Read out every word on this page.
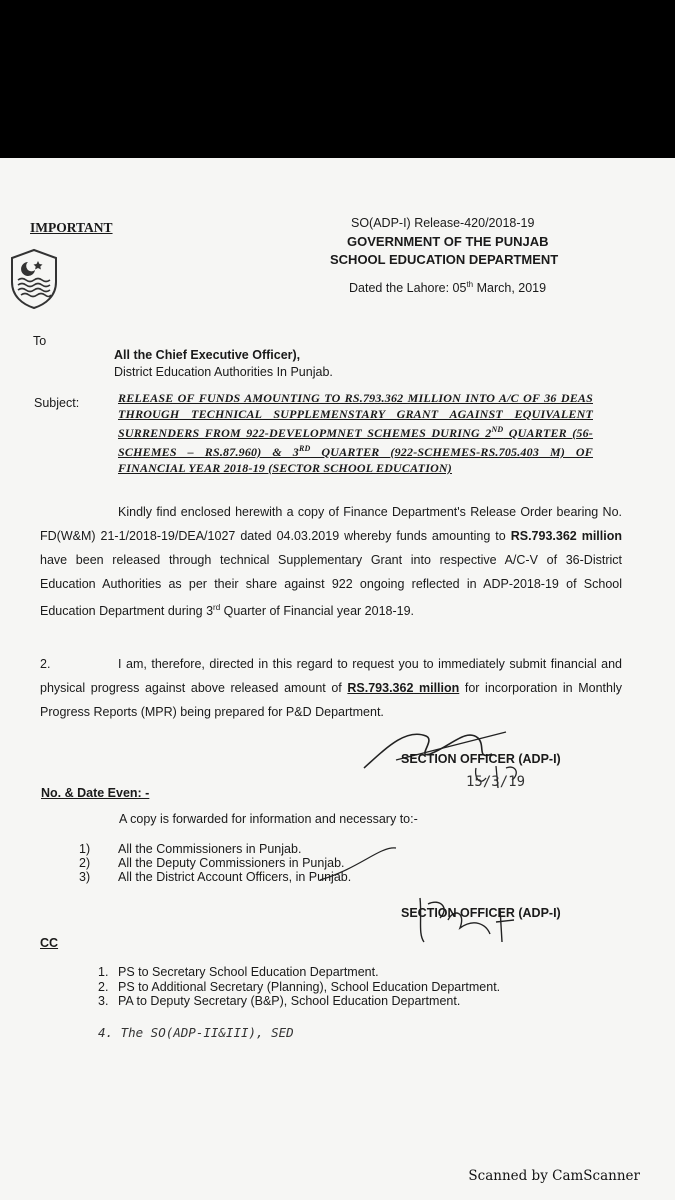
IMPORTANT	SO(ADP-I) Release-420/2018-19
GOVERNMENT OF THE PUNJAB
SCHOOL EDUCATION DEPARTMENT
Dated the Lahore: 05th March, 2019
To
All the Chief Executive Officer),
District Education Authorities In Punjab.
Subject:	RELEASE OF FUNDS AMOUNTING TO RS.793.362 MILLION INTO A/C OF 36 DEAS THROUGH TECHNICAL SUPPLEMENSTARY GRANT AGAINST EQUIVALENT SURRENDERS FROM 922-DEVELOPMNET SCHEMES DURING 2ND QUARTER (56-SCHEMES – RS.87.960) & 3RD QUARTER (922-SCHEMES-RS.705.403 M) OF FINANCIAL YEAR 2018-19 (SECTOR SCHOOL EDUCATION)
Kindly find enclosed herewith a copy of Finance Department's Release Order bearing No. FD(W&M) 21-1/2018-19/DEA/1027 dated 04.03.2019 whereby funds amounting to RS.793.362 million have been released through technical Supplementary Grant into respective A/C-V of 36-District Education Authorities as per their share against 922 ongoing reflected in ADP-2018-19 of School Education Department during 3rd Quarter of Financial year 2018-19.
2.	I am, therefore, directed in this regard to request you to immediately submit financial and physical progress against above released amount of RS.793.362 million for incorporation in Monthly Progress Reports (MPR) being prepared for P&D Department.
SECTION OFFICER (ADP-I)
15/3/19
No. & Date Even: -
A copy is forwarded for information and necessary to:-
1) All the Commissioners in Punjab.
2) All the Deputy Commissioners in Punjab.
3) All the District Account Officers, in Punjab.
SECTION OFFICER (ADP-I)
CC
1. PS to Secretary School Education Department.
2. PS to Additional Secretary (Planning), School Education Department.
3. PA to Deputy Secretary (B&P), School Education Department.
4. The SO(ADP-II&III), SED
Scanned by CamScanner
